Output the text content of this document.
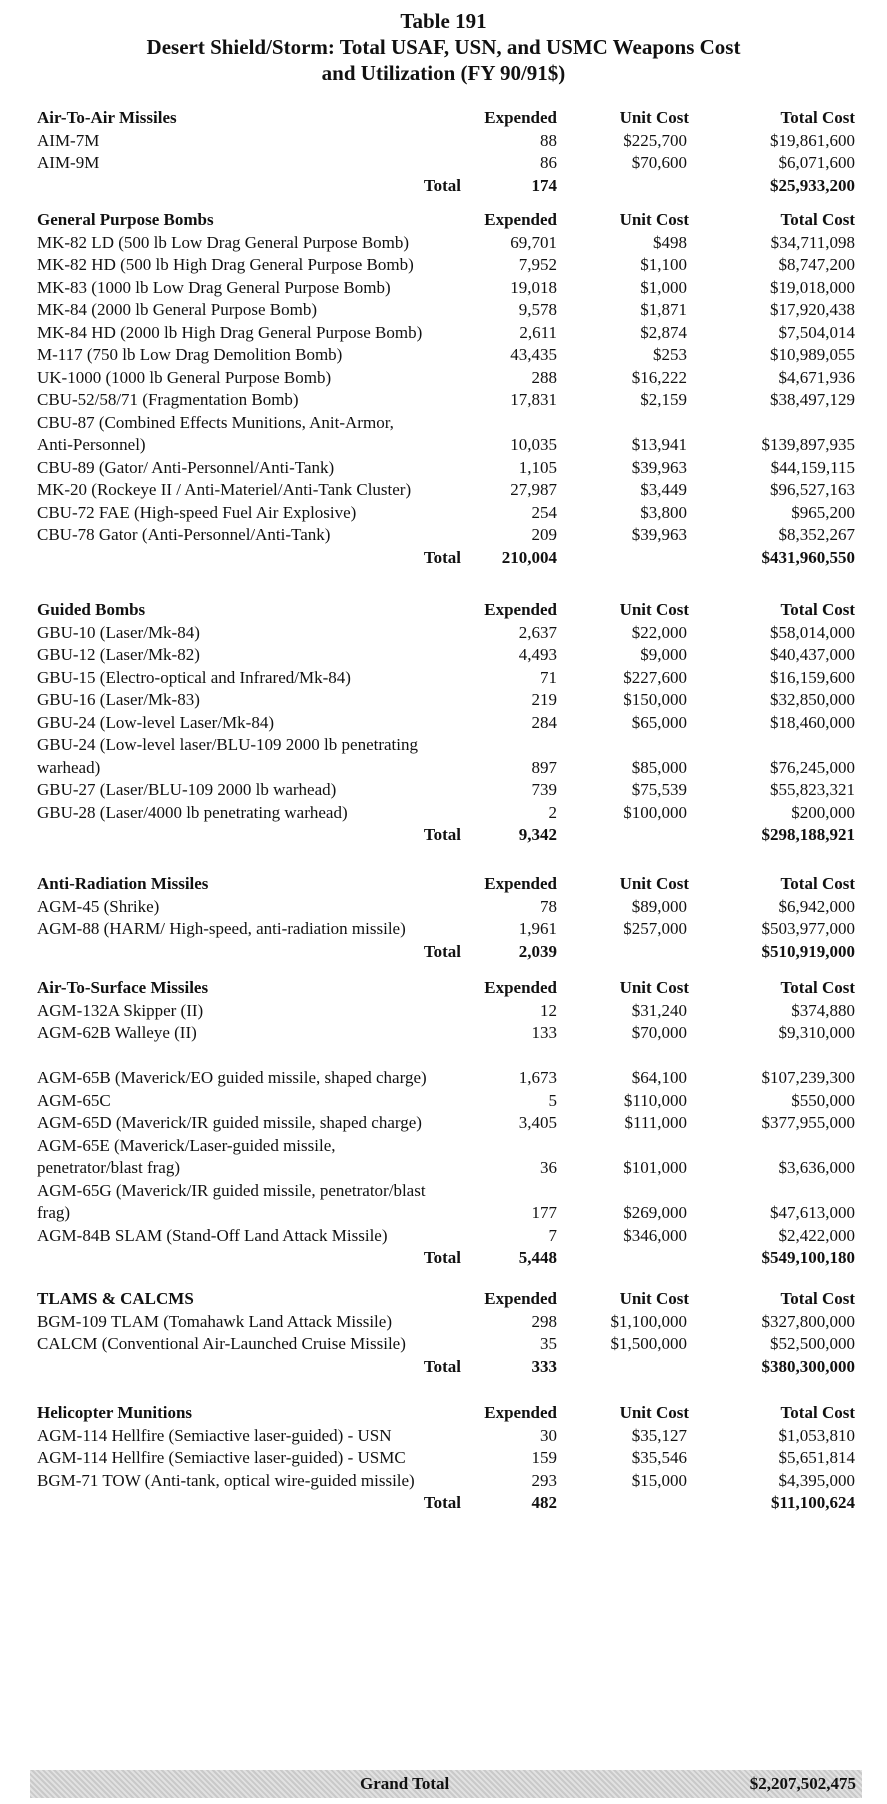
Table 191
Desert Shield/Storm: Total USAF, USN, and USMC Weapons Cost
and Utilization (FY 90/91$)
Air-To-Air Missiles	Expended	Unit Cost	Total Cost
AIM-7M	88	$225,700	$19,861,600
AIM-9M	86	$70,600	$6,071,600
Total	174	$25,933,200
General Purpose Bombs	Expended	Unit Cost	Total Cost
MK-82 LD (500 lb Low Drag General Purpose Bomb)	69,701	$498	$34,711,098
MK-82 HD (500 lb High Drag General Purpose Bomb)	7,952	$1,100	$8,747,200
MK-83 (1000 lb Low Drag General Purpose Bomb)	19,018	$1,000	$19,018,000
MK-84 (2000 lb General Purpose Bomb)	9,578	$1,871	$17,920,438
MK-84 HD (2000 lb High Drag General Purpose Bomb)	2,611	$2,874	$7,504,014
M-117 (750 lb Low Drag Demolition Bomb)	43,435	$253	$10,989,055
UK-1000 (1000 lb General Purpose Bomb)	288	$16,222	$4,671,936
CBU-52/58/71 (Fragmentation Bomb)	17,831	$2,159	$38,497,129
CBU-87 (Combined Effects Munitions, Anit-Armor,
Anti-Personnel)	10,035	$13,941	$139,897,935
CBU-89 (Gator/ Anti-Personnel/Anti-Tank)	1,105	$39,963	$44,159,115
MK-20 (Rockeye II / Anti-Materiel/Anti-Tank Cluster)	27,987	$3,449	$96,527,163
CBU-72 FAE (High-speed Fuel Air Explosive)	254	$3,800	$965,200
CBU-78 Gator (Anti-Personnel/Anti-Tank)	209	$39,963	$8,352,267
Total 210,004	$431,960,550
Guided Bombs	Expended	Unit Cost	Total Cost
GBU-10 (Laser/Mk-84)	2,637	$22,000	$58,014,000
GBU-12 (Laser/Mk-82)	4,493	$9,000	$40,437,000
GBU-15 (Electro-optical and Infrared/Mk-84)	71	$227,600	$16,159,600
GBU-16 (Laser/Mk-83)	219	$150,000	$32,850,000
GBU-24 (Low-level Laser/Mk-84)	284	$65,000	$18,460,000
GBU-24 (Low-level laser/BLU-109 2000 lb penetrating
warhead)	897	$85,000	$76,245,000
GBU-27 (Laser/BLU-109 2000 lb warhead)	739	$75,539	$55,823,321
GBU-28 (Laser/4000 lb penetrating warhead)	2	$100,000	$200,000
Total	9,342	$298,188,921
Anti-Radiation Missiles	Expended	Unit Cost	Total Cost
AGM-45 (Shrike)	78	$89,000	$6,942,000
AGM-88 (HARM/ High-speed, anti-radiation missile)	1,961	$257,000	$503,977,000
Total	2,039	$510,919,000
Air-To-Surface Missiles	Expended	Unit Cost	Total Cost
AGM-132A Skipper (II)	12	$31,240	$374,880
AGM-62B Walleye (II)	133	$70,000	$9,310,000
AGM-65B (Maverick/EO guided missile, shaped charge)	1,673	$64,100	$107,239,300
AGM-65C	5	$110,000	$550,000
AGM-65D (Maverick/IR guided missile, shaped charge)	3,405	$111,000	$377,955,000
AGM-65E (Maverick/Laser-guided missile,
penetrator/blast frag)	36	$101,000	$3,636,000
AGM-65G (Maverick/IR guided missile, penetrator/blast
frag)	177	$269,000	$47,613,000
AGM-84B SLAM (Stand-Off Land Attack Missile)	7	$346,000	$2,422,000
Total	5,448	$549,100,180
TLAMS & CALCMS	Expended	Unit Cost	Total Cost
BGM-109 TLAM (Tomahawk Land Attack Missile)	298	$1,100,000	$327,800,000
CALCM (Conventional Air-Launched Cruise Missile)	35	$1,500,000	$52,500,000
Total	333	$380,300,000
Helicopter Munitions	Expended	Unit Cost	Total Cost
AGM-114 Hellfire (Semiactive laser-guided) - USN	30	$35,127	$1,053,810
AGM-114 Hellfire (Semiactive laser-guided) - USMC	159	$35,546	$5,651,814
BGM-71 TOW (Anti-tank, optical wire-guided missile)	293	$15,000	$4,395,000
Total	482	$11,100,624
Grand Total	$2,207,502,475
